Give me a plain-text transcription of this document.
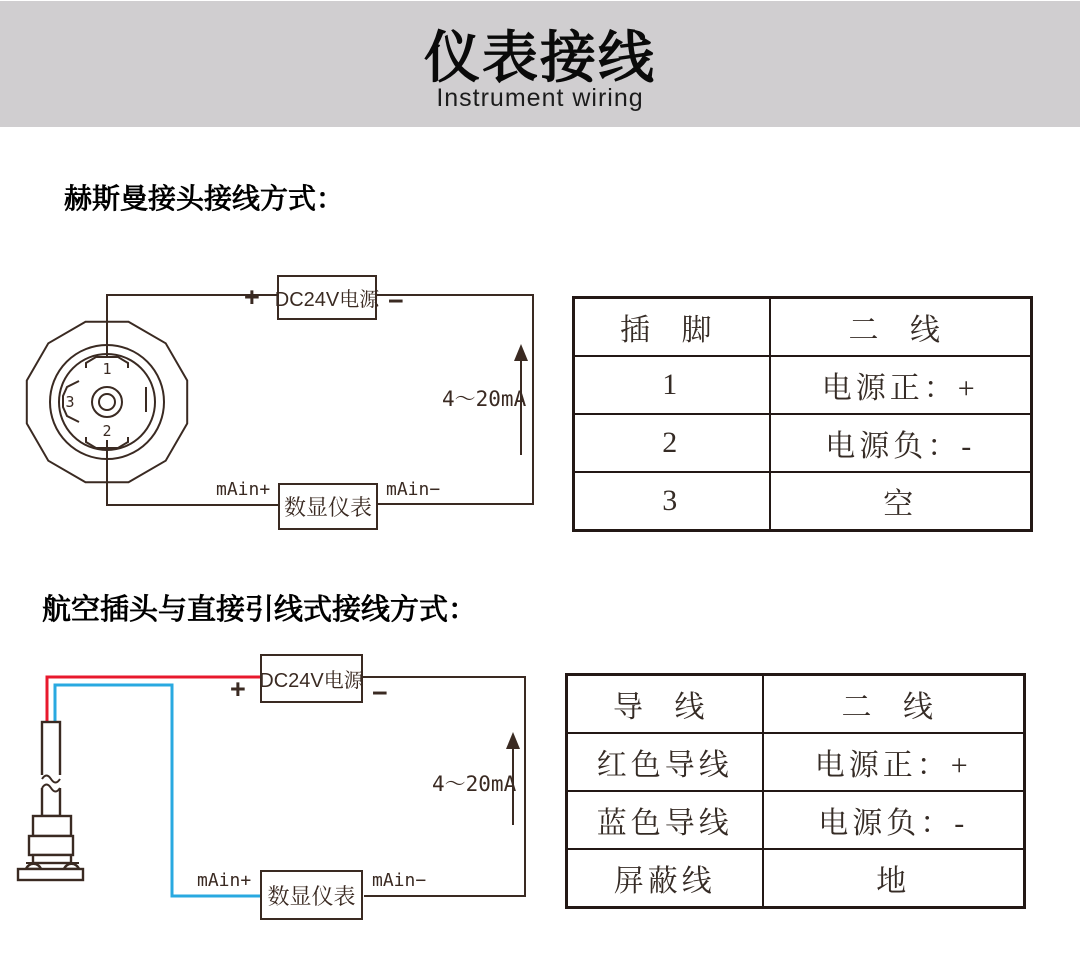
仪表接线
Instrument wiring
赫斯曼接头接线方式：
航空插头与直接引线式接线方式：
1
2
3
DC24V电源
数显仪表
+	−
mAin+	mAin−
4～20mA
DC24V电源
数显仪表
+	−
mAin+	mAin−
4～20mA
插 脚	二 线
1	电源正：+
2	电源负：-
3	空
导 线	二 线
红色导线	电源正：+
蓝色导线	电源负：-
屏蔽线	地
